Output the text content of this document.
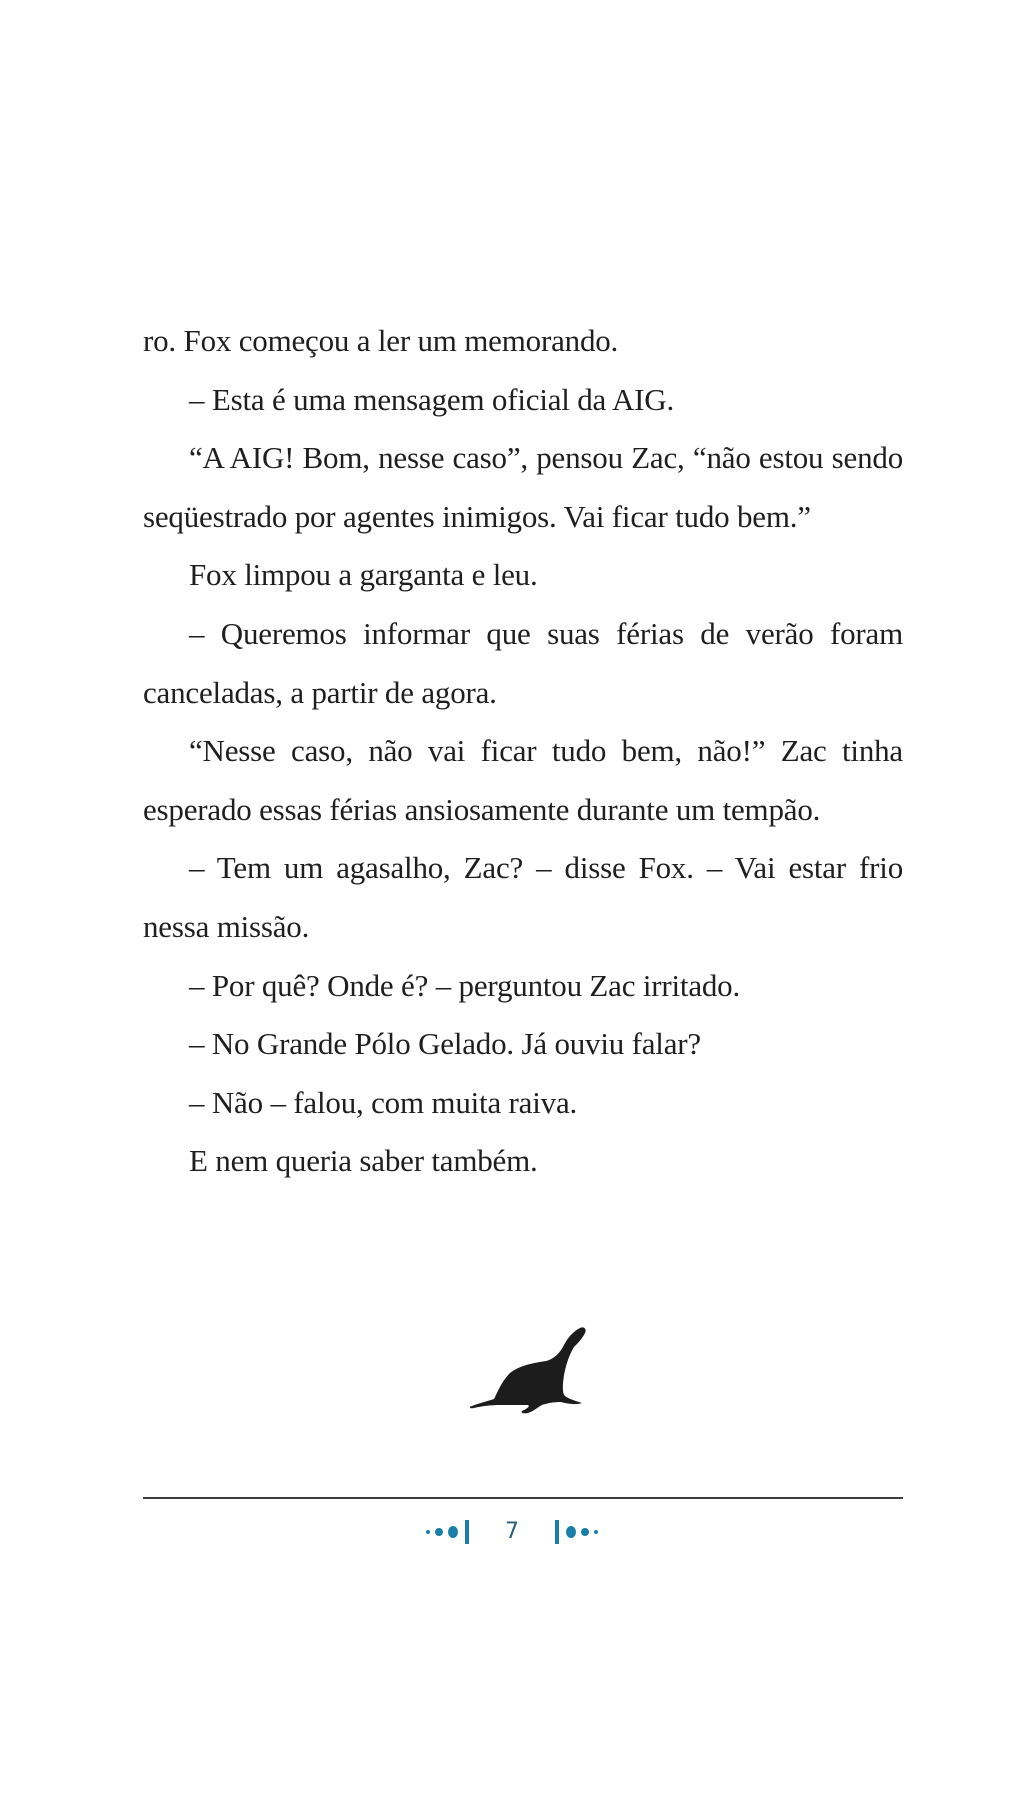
ro. Fox começou a ler um memorando.

– Esta é uma mensagem oficial da AIG.

“A AIG! Bom, nesse caso”, pensou Zac, “não estou sendo seqüestrado por agentes inimigos. Vai ficar tudo bem.”

Fox limpou a garganta e leu.

– Queremos informar que suas férias de verão foram canceladas, a partir de agora.

“Nesse caso, não vai ficar tudo bem, não!” Zac tinha esperado essas férias ansiosamente durante um tempão.

– Tem um agasalho, Zac? – disse Fox. – Vai estar frio nessa missão.

– Por quê? Onde é? – perguntou Zac irritado.

– No Grande Pólo Gelado. Já ouviu falar?

– Não – falou, com muita raiva.

E nem queria saber também.

7
